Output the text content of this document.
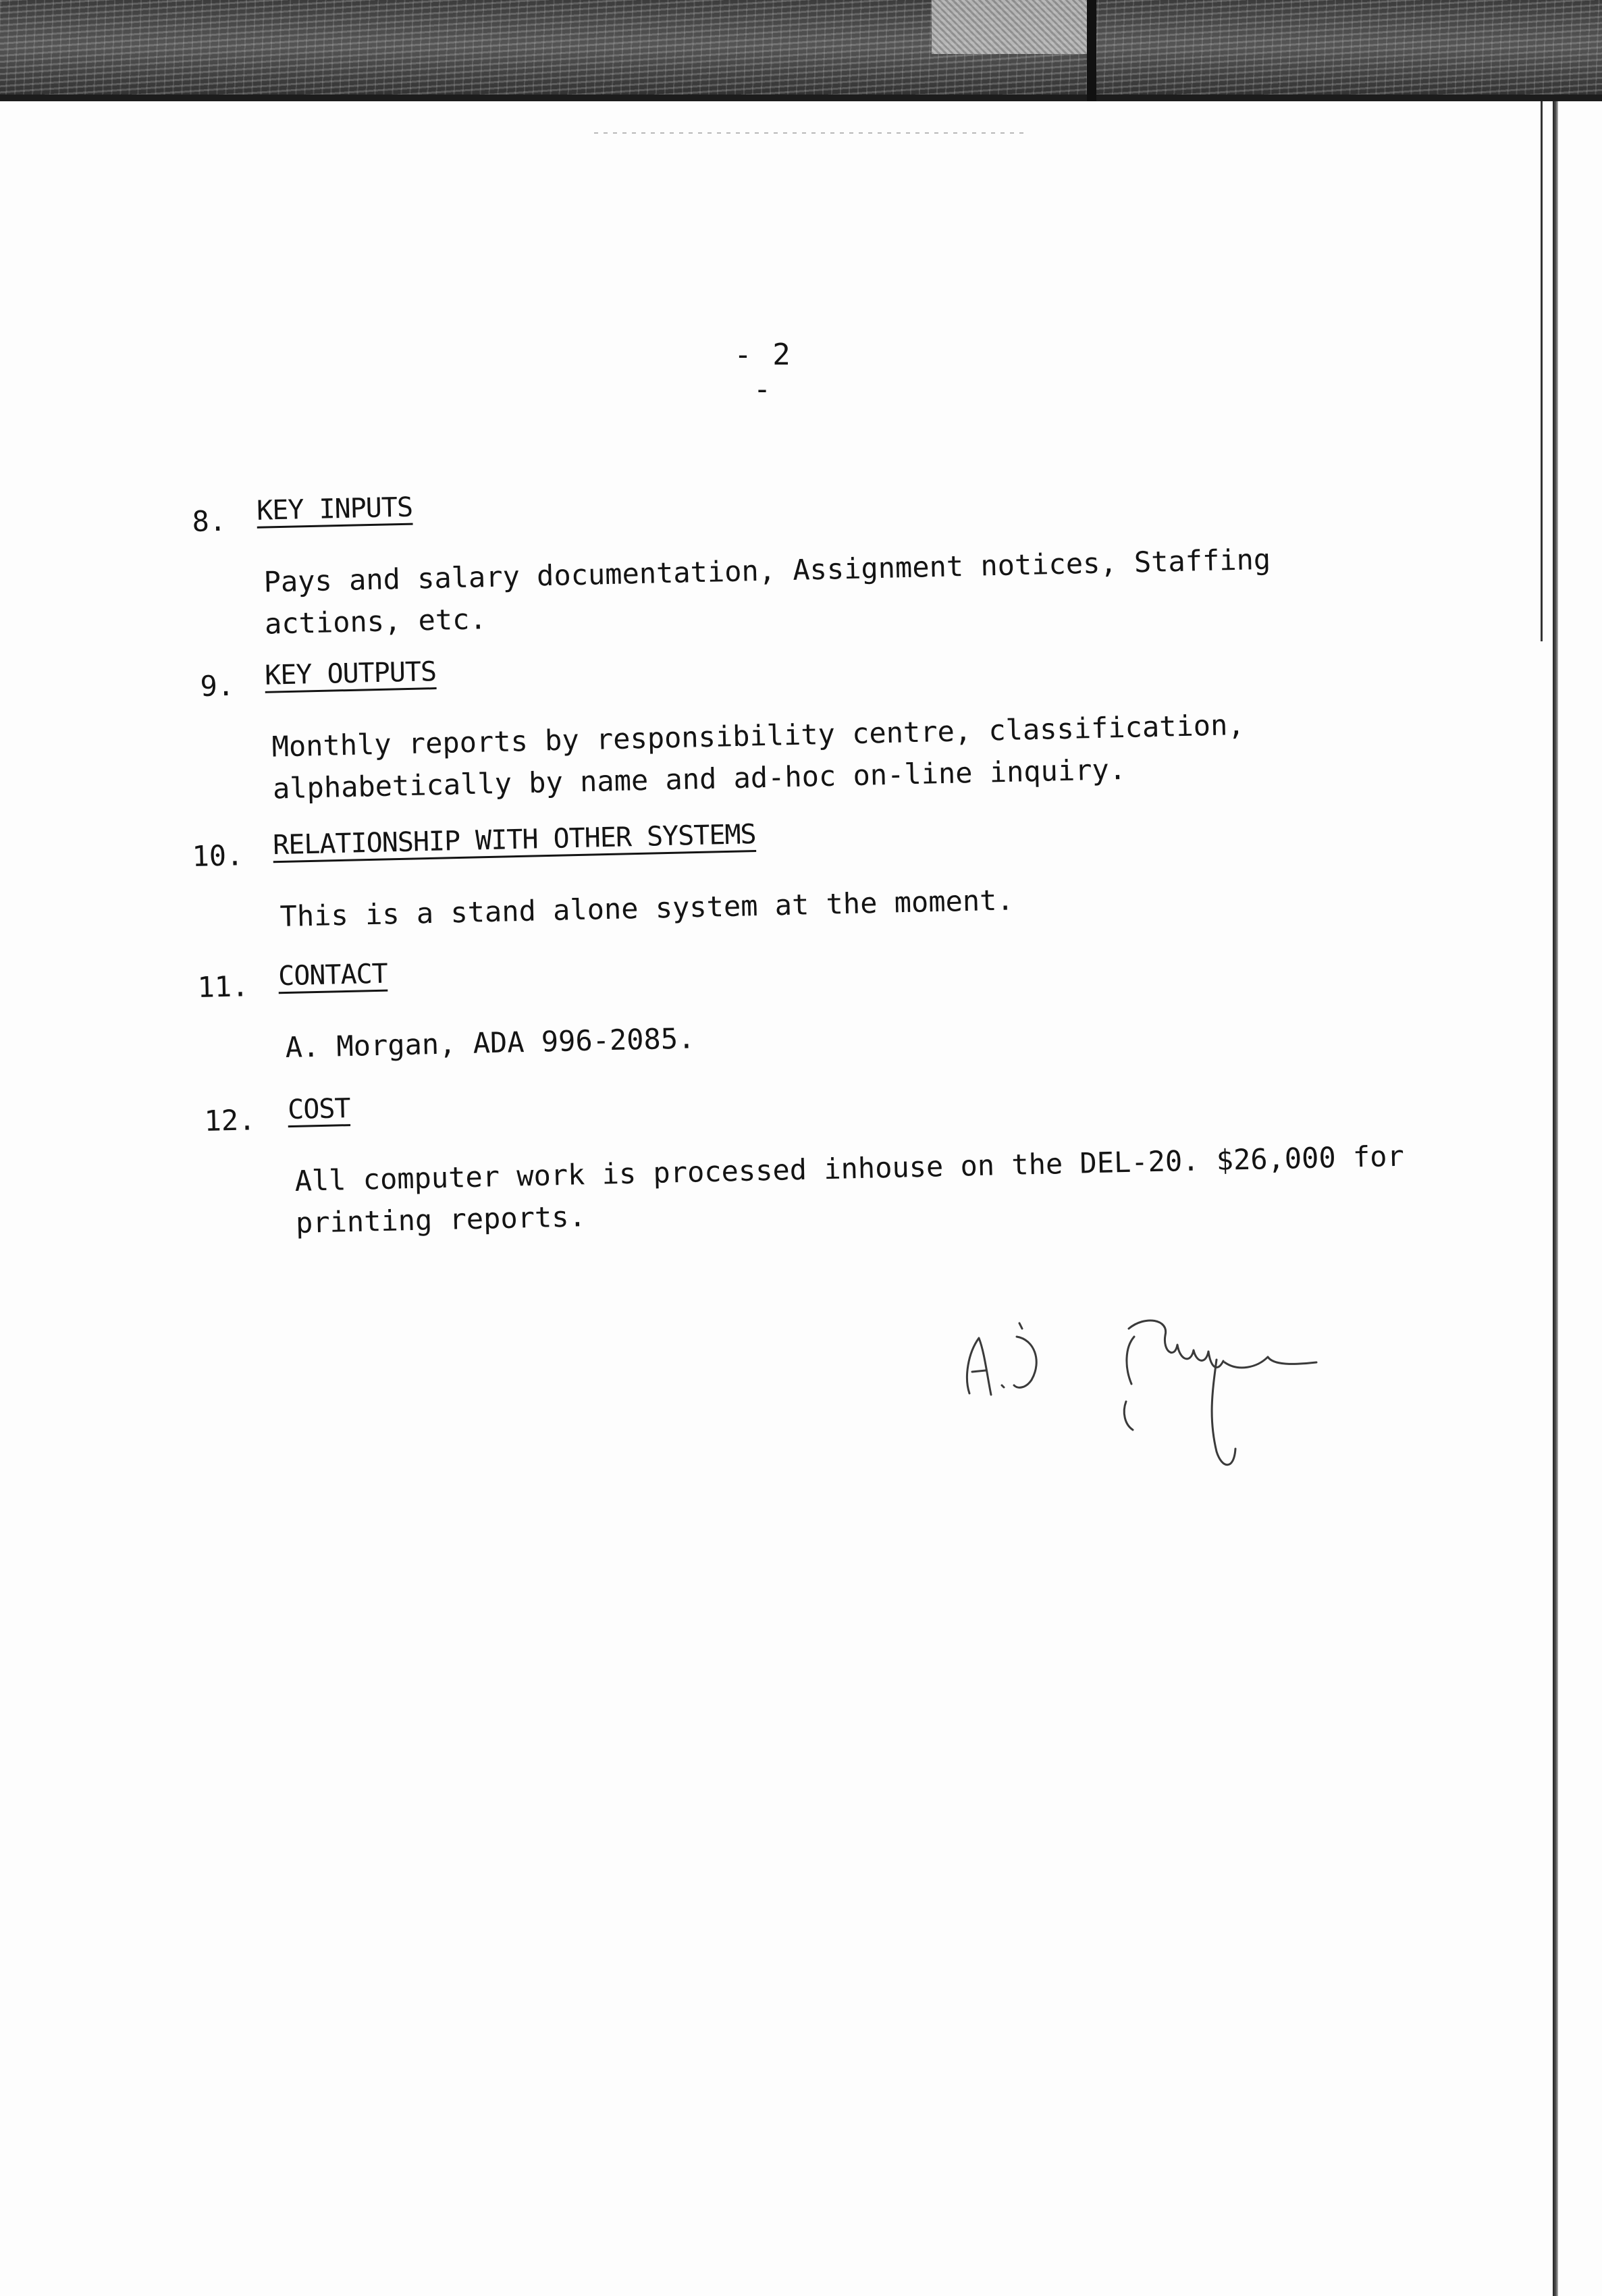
- 2 -
8. KEY INPUTS
Pays and salary documentation, Assignment notices, Staffing
actions, etc.
9. KEY OUTPUTS
Monthly reports by responsibility centre, classification,
alphabetically by name and ad-hoc on-line inquiry.
10. RELATIONSHIP WITH OTHER SYSTEMS
This is a stand alone system at the moment.
11. CONTACT
A. Morgan, ADA 996-2085.
12. COST
All computer work is processed inhouse on the DEL-20. $26,000 for
printing reports.
A. D. Morgan
